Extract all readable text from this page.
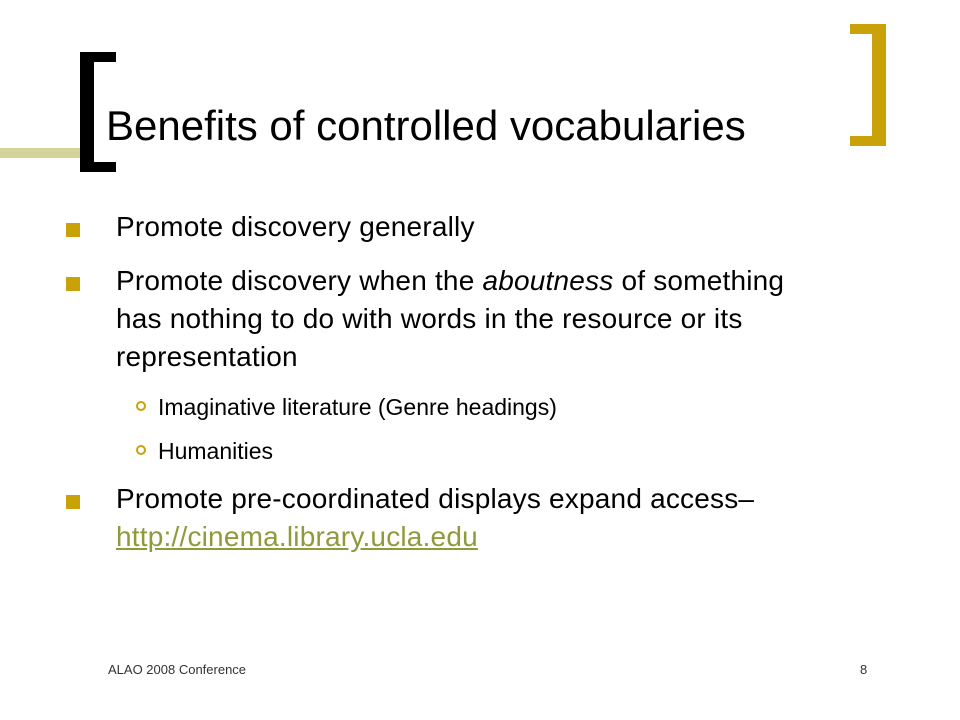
Benefits of controlled vocabularies
Promote discovery generally
Promote discovery when the aboutness of something has nothing to do with words in the resource or its representation
Imaginative literature (Genre headings)
Humanities
Promote pre-coordinated displays expand access–http://cinema.library.ucla.edu
ALAO 2008 Conference	8
